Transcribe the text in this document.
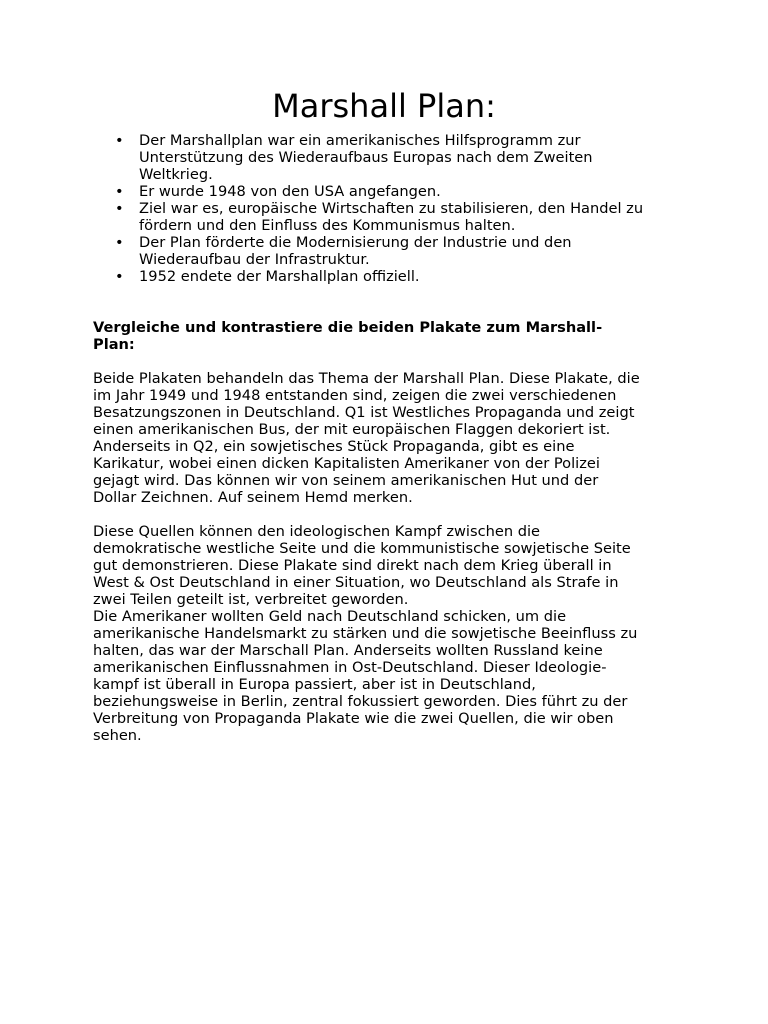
Marshall Plan:
• Der Marshallplan war ein amerikanisches Hilfsprogramm zur
Unterstützung des Wiederaufbaus Europas nach dem Zweiten
Weltkrieg.
• Er wurde 1948 von den USA angefangen.
• Ziel war es, europäische Wirtschaften zu stabilisieren, den Handel zu
fördern und den Einfluss des Kommunismus halten.
• Der Plan förderte die Modernisierung der Industrie und den
Wiederaufbau der Infrastruktur.
• 1952 endete der Marshallplan offiziell.
Vergleiche und kontrastiere die beiden Plakate zum Marshall-
Plan:
Beide Plakaten behandeln das Thema der Marshall Plan. Diese Plakate, die
im Jahr 1949 und 1948 entstanden sind, zeigen die zwei verschiedenen
Besatzungszonen in Deutschland. Q1 ist Westliches Propaganda und zeigt
einen amerikanischen Bus, der mit europäischen Flaggen dekoriert ist.
Anderseits in Q2, ein sowjetisches Stück Propaganda, gibt es eine
Karikatur, wobei einen dicken Kapitalisten Amerikaner von der Polizei
gejagt wird. Das können wir von seinem amerikanischen Hut und der
Dollar Zeichnen. Auf seinem Hemd merken.
Diese Quellen können den ideologischen Kampf zwischen die
demokratische westliche Seite und die kommunistische sowjetische Seite
gut demonstrieren. Diese Plakate sind direkt nach dem Krieg überall in
West & Ost Deutschland in einer Situation, wo Deutschland als Strafe in
zwei Teilen geteilt ist, verbreitet geworden.
Die Amerikaner wollten Geld nach Deutschland schicken, um die
amerikanische Handelsmarkt zu stärken und die sowjetische Beeinfluss zu
halten, das war der Marschall Plan. Anderseits wollten Russland keine
amerikanischen Einflussnahmen in Ost-Deutschland. Dieser Ideologie-
kampf ist überall in Europa passiert, aber ist in Deutschland,
beziehungsweise in Berlin, zentral fokussiert geworden. Dies führt zu der
Verbreitung von Propaganda Plakate wie die zwei Quellen, die wir oben
sehen.
